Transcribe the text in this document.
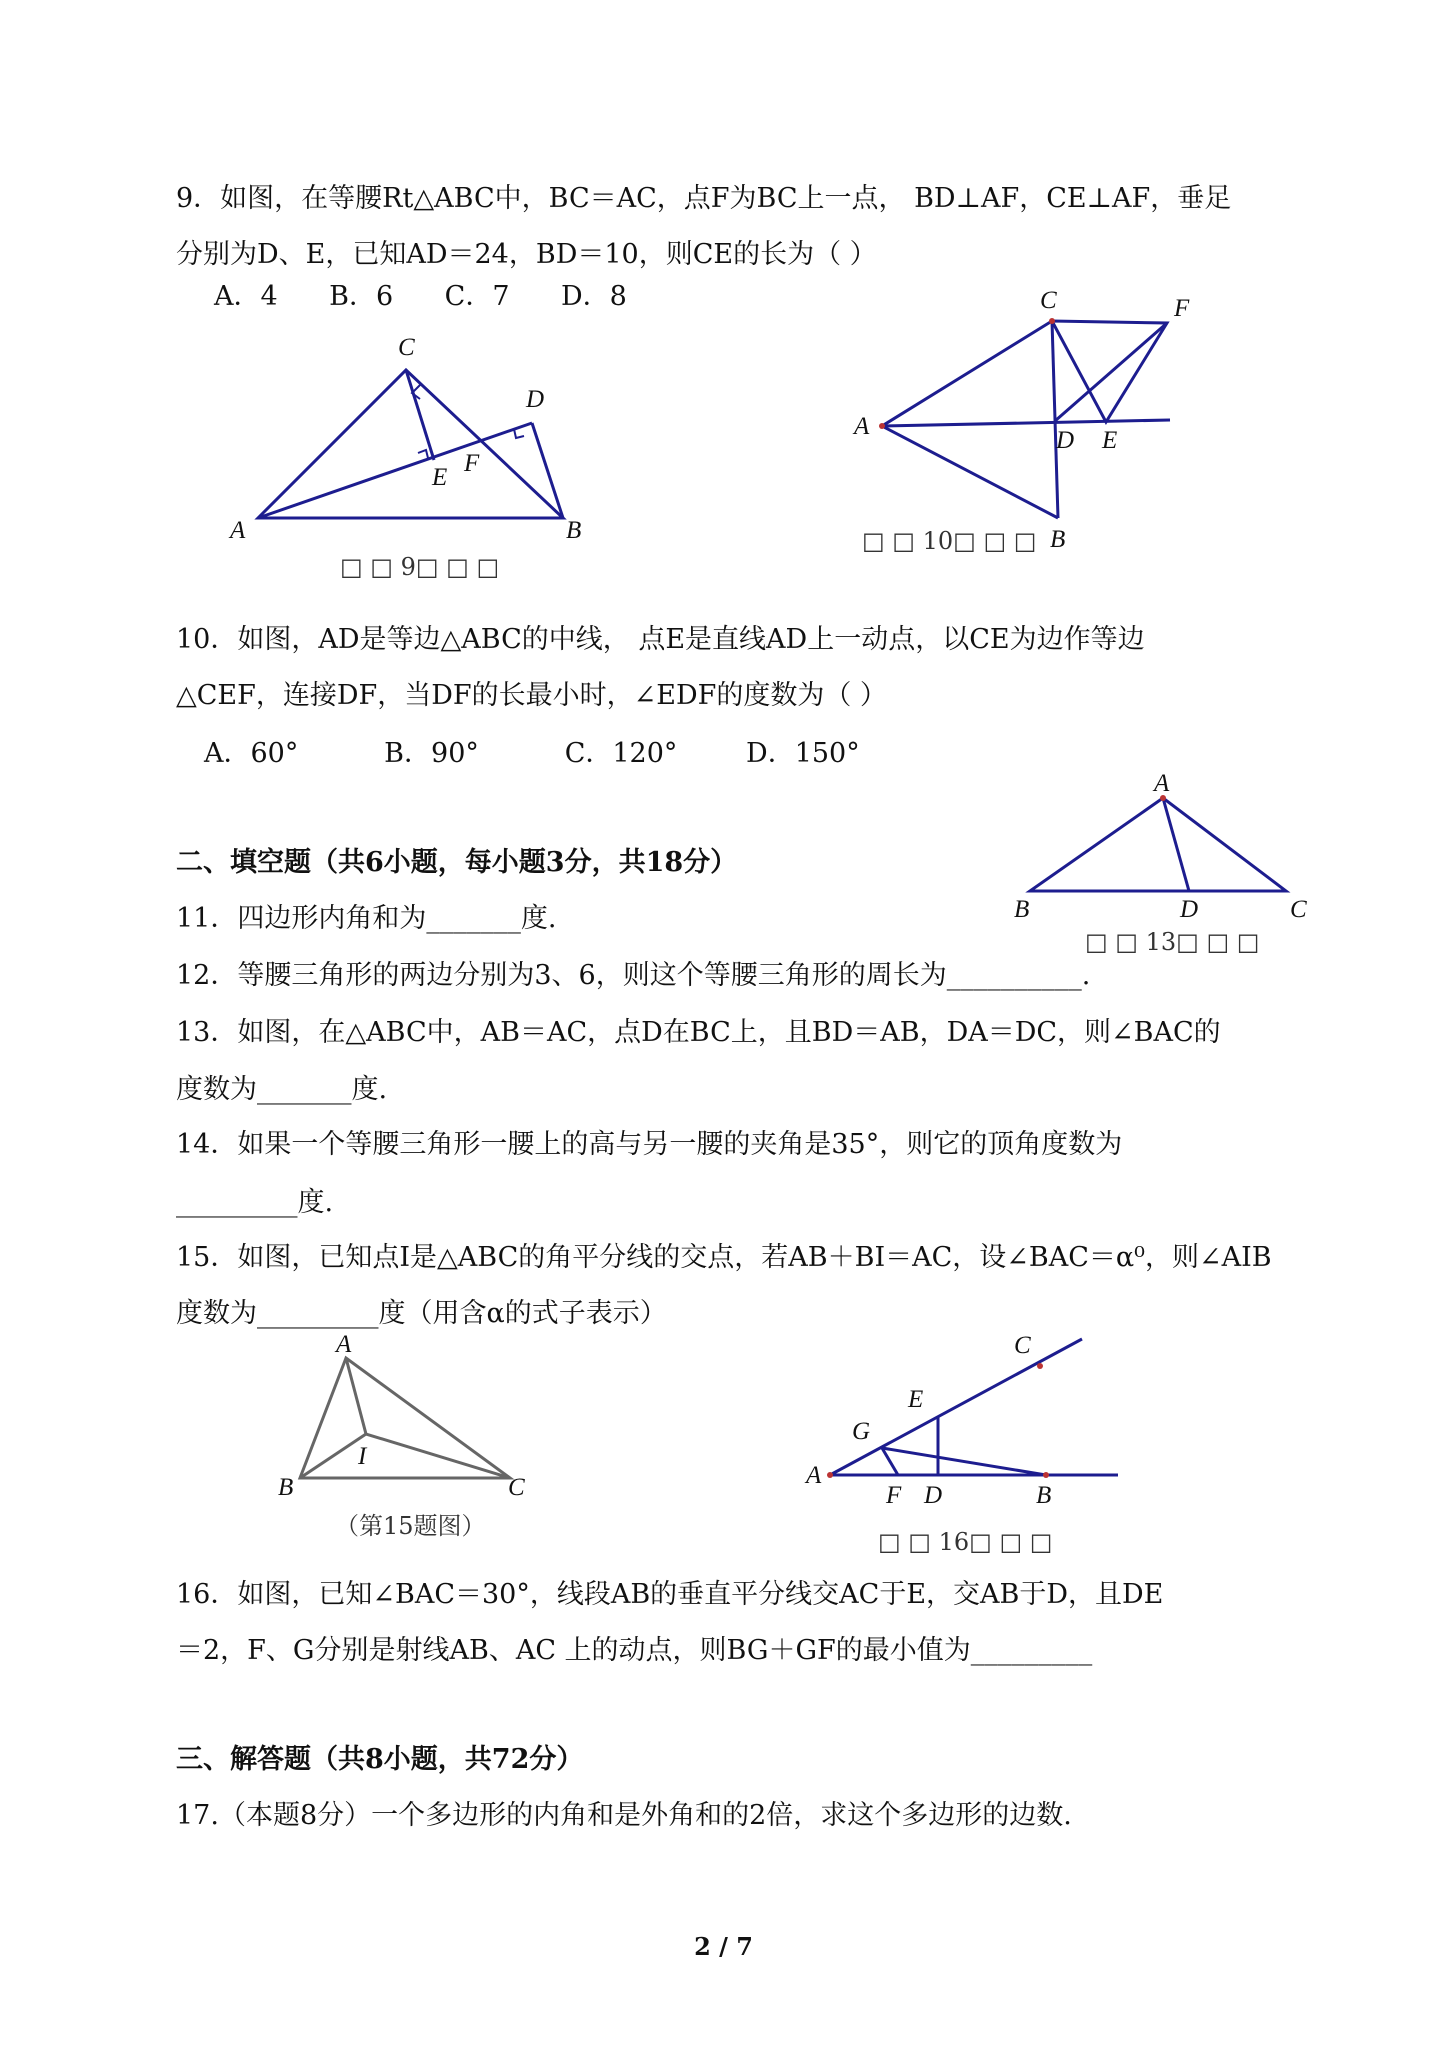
9．如图，在等腰Rt△ABC中，BC＝AC，点F为BC上一点， BD⊥AF，CE⊥AF，垂足
分别为D、E，已知AD＝24，BD＝10，则CE的长为（ ）
A．4      B．6      C．7      D．8
C
D
E
F
A	B
□ □ 9□ □ □
C	F
A
D E
B
□ □ 10□ □ □
10．如图，AD是等边△ABC的中线， 点E是直线AD上一动点，以CE为边作等边
△CEF，连接DF，当DF的长最小时，∠EDF的度数为（ ）
A．60°          B．90°          C．120°        D．150°
二、填空题（共6小题，每小题3分，共18分）
A
B	D	C
□ □ 13□ □ □
11．四边形内角和为_______度.
12．等腰三角形的两边分别为3、6，则这个等腰三角形的周长为__________.
13．如图，在△ABC中，AB＝AC，点D在BC上，且BD＝AB，DA＝DC，则∠BAC的
度数为_______度.
14．如果一个等腰三角形一腰上的高与另一腰的夹角是35°，则它的顶角度数为
_________度.
15．如图，已知点I是△ABC的角平分线的交点，若AB＋BI＝AC，设∠BAC＝α⁰，则∠AIB
度数为_________度（用含α的式子表示）
A
B
I
C
（第15题图）
C
E
G
A
F D	B
□ □ 16□ □ □
16．如图，已知∠BAC＝30°，线段AB的垂直平分线交AC于E，交AB于D，且DE
＝2，F、G分别是射线AB、AC 上的动点，则BG＋GF的最小值为_________
三、解答题（共8小题，共72分）
17.（本题8分）一个多边形的内角和是外角和的2倍，求这个多边形的边数.
2 / 7
